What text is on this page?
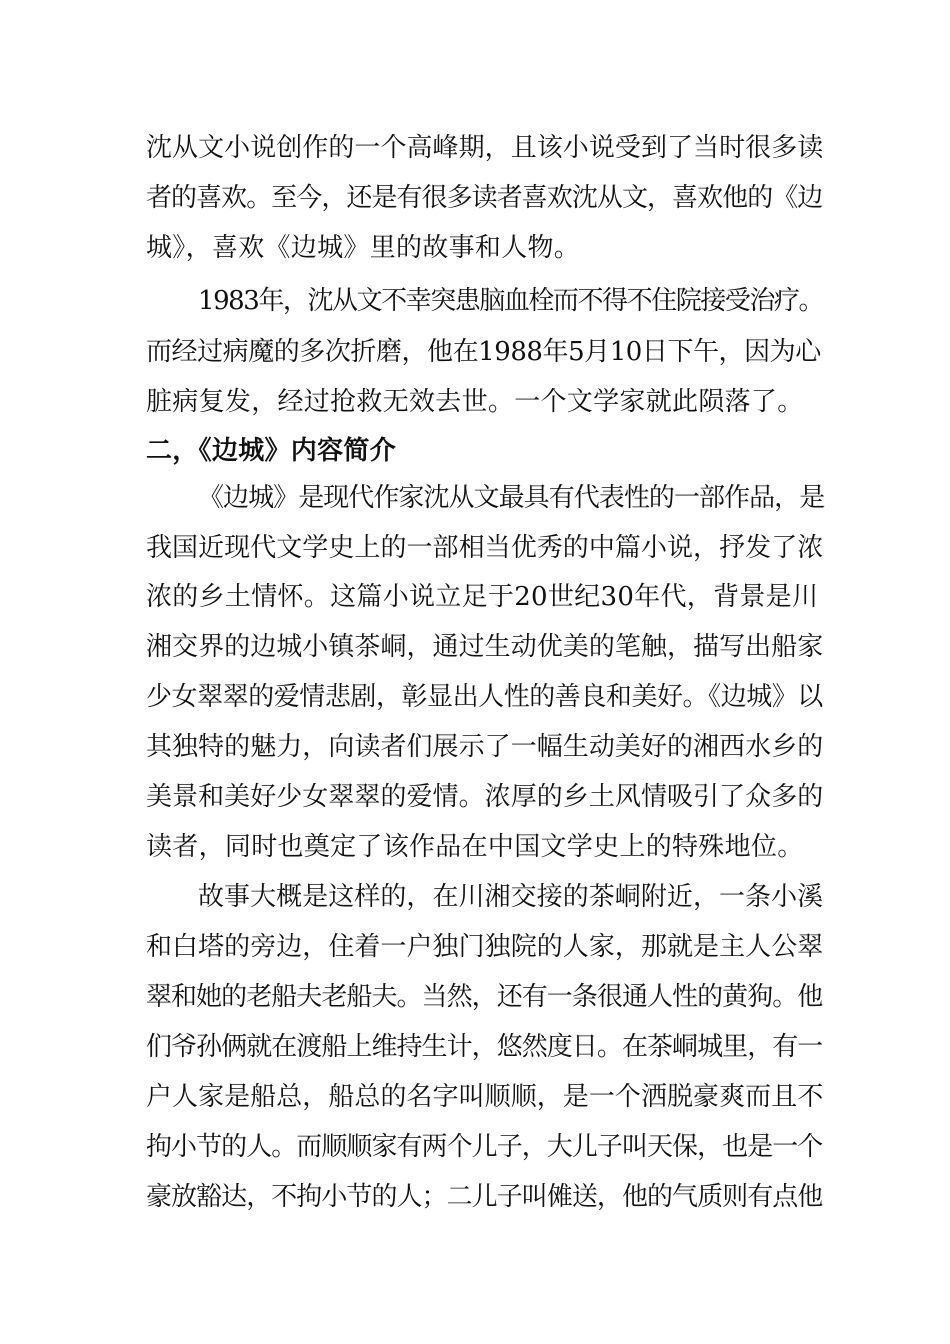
沈从文小说创作的一个高峰期，且该小说受到了当时很多读
者的喜欢。至今，还是有很多读者喜欢沈从文，喜欢他的《边
城》，喜欢《边城》里的故事和人物。
1983年，沈从文不幸突患脑血栓而不得不住院接受治疗。
而经过病魔的多次折磨，他在1988年5月10日下午，因为心
脏病复发，经过抢救无效去世。一个文学家就此陨落了。
二，《边城》内容简介
《边城》是现代作家沈从文最具有代表性的一部作品，是
我国近现代文学史上的一部相当优秀的中篇小说，抒发了浓
浓的乡土情怀。这篇小说立足于20世纪30年代，背景是川
湘交界的边城小镇茶峒，通过生动优美的笔触，描写出船家
少女翠翠的爱情悲剧，彰显出人性的善良和美好。《边城》以
其独特的魅力，向读者们展示了一幅生动美好的湘西水乡的
美景和美好少女翠翠的爱情。浓厚的乡土风情吸引了众多的
读者，同时也奠定了该作品在中国文学史上的特殊地位。
故事大概是这样的，在川湘交接的茶峒附近，一条小溪
和白塔的旁边，住着一户独门独院的人家，那就是主人公翠
翠和她的老船夫老船夫。当然，还有一条很通人性的黄狗。他
们爷孙俩就在渡船上维持生计，悠然度日。在茶峒城里，有一
户人家是船总，船总的名字叫顺顺，是一个洒脱豪爽而且不
拘小节的人。而顺顺家有两个儿子，大儿子叫天保，也是一个
豪放豁达，不拘小节的人；二儿子叫傩送，他的气质则有点他
